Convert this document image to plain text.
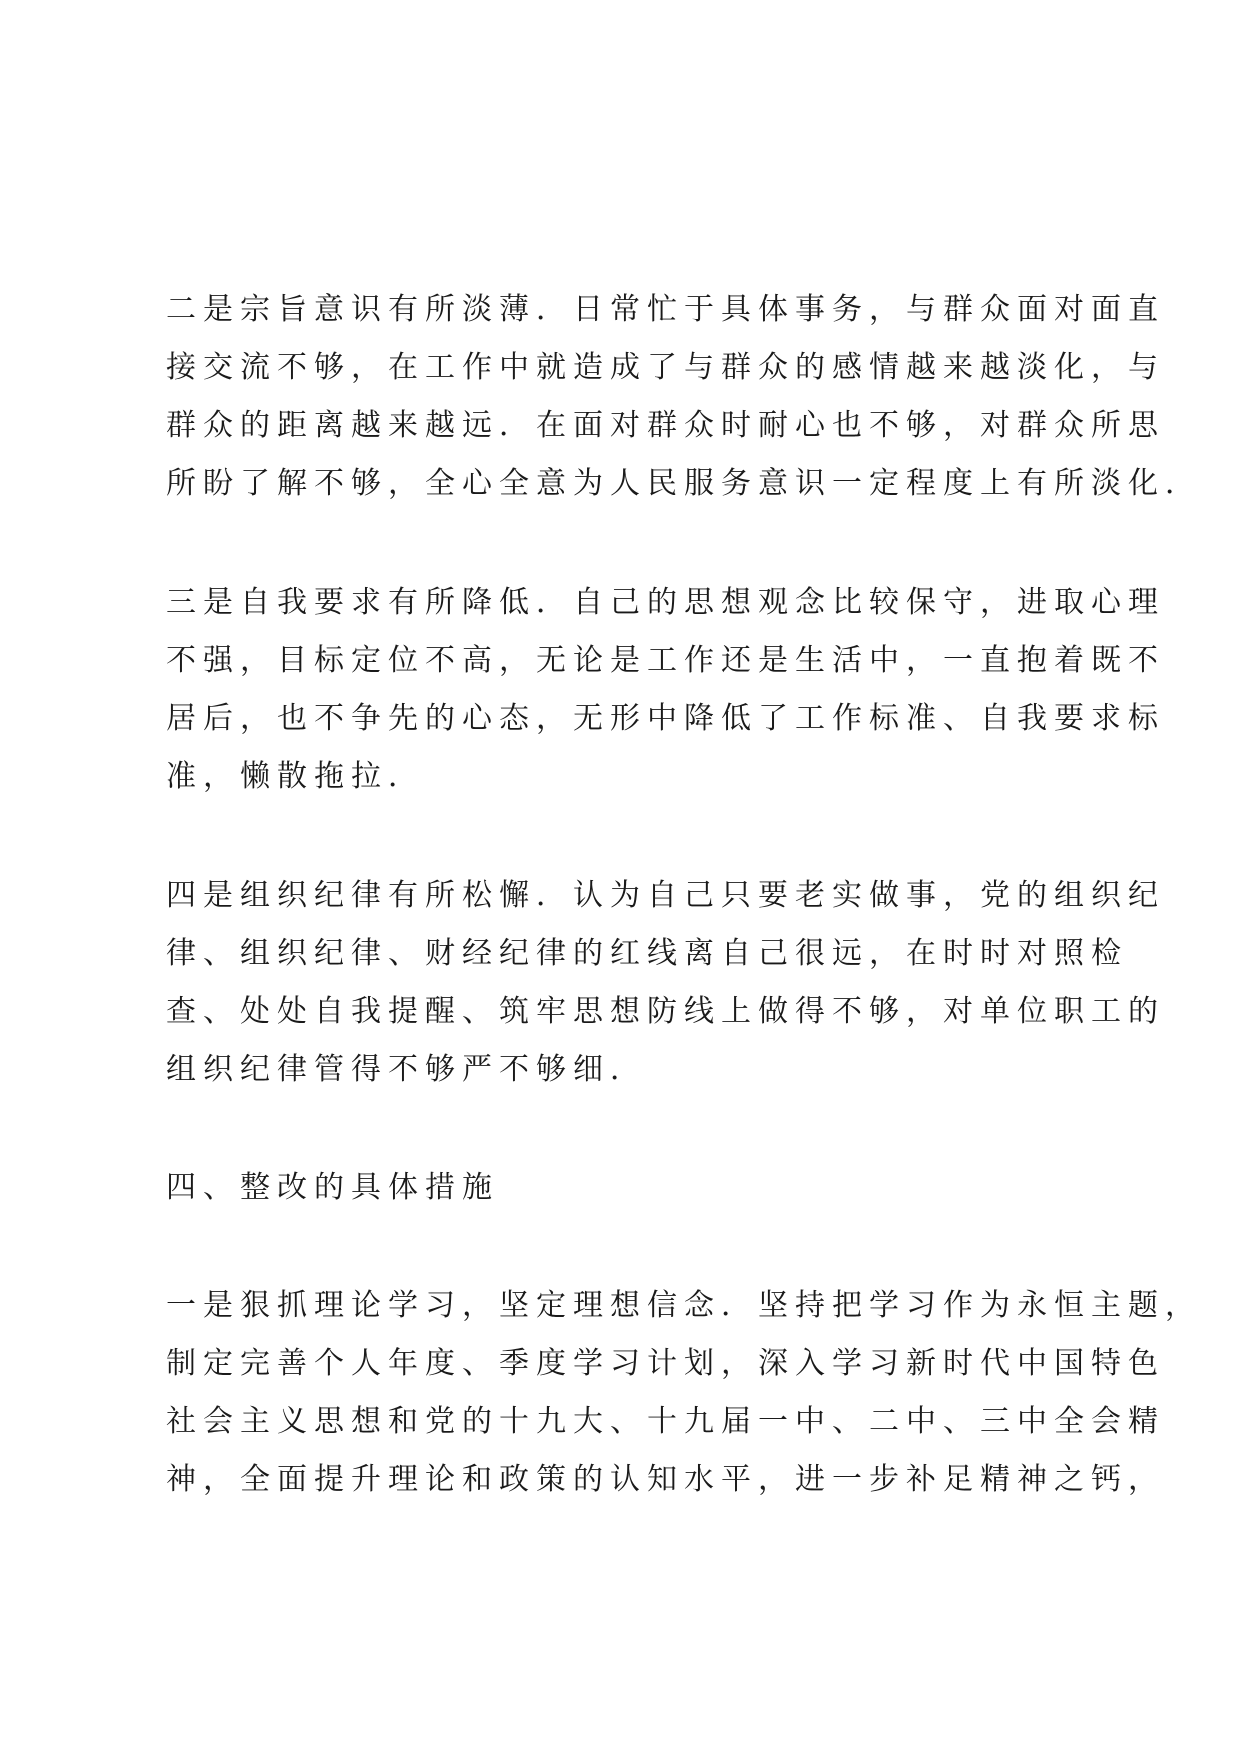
二是宗旨意识有所淡薄．日常忙于具体事务，与群众面对面直

接交流不够，在工作中就造成了与群众的感情越来越淡化，与

群众的距离越来越远．在面对群众时耐心也不够，对群众所思

所盼了解不够，全心全意为人民服务意识一定程度上有所淡化．

三是自我要求有所降低．自己的思想观念比较保守，进取心理

不强，目标定位不高，无论是工作还是生活中，一直抱着既不

居后，也不争先的心态，无形中降低了工作标准、自我要求标

准，懒散拖拉．

四是组织纪律有所松懈．认为自己只要老实做事，党的组织纪

律、组织纪律、财经纪律的红线离自己很远，在时时对照检

查、处处自我提醒、筑牢思想防线上做得不够，对单位职工的

组织纪律管得不够严不够细．

四、整改的具体措施

一是狠抓理论学习，坚定理想信念．坚持把学习作为永恒主题，

制定完善个人年度、季度学习计划，深入学习新时代中国特色

社会主义思想和党的十九大、十九届一中、二中、三中全会精

神，全面提升理论和政策的认知水平，进一步补足精神之钙，
